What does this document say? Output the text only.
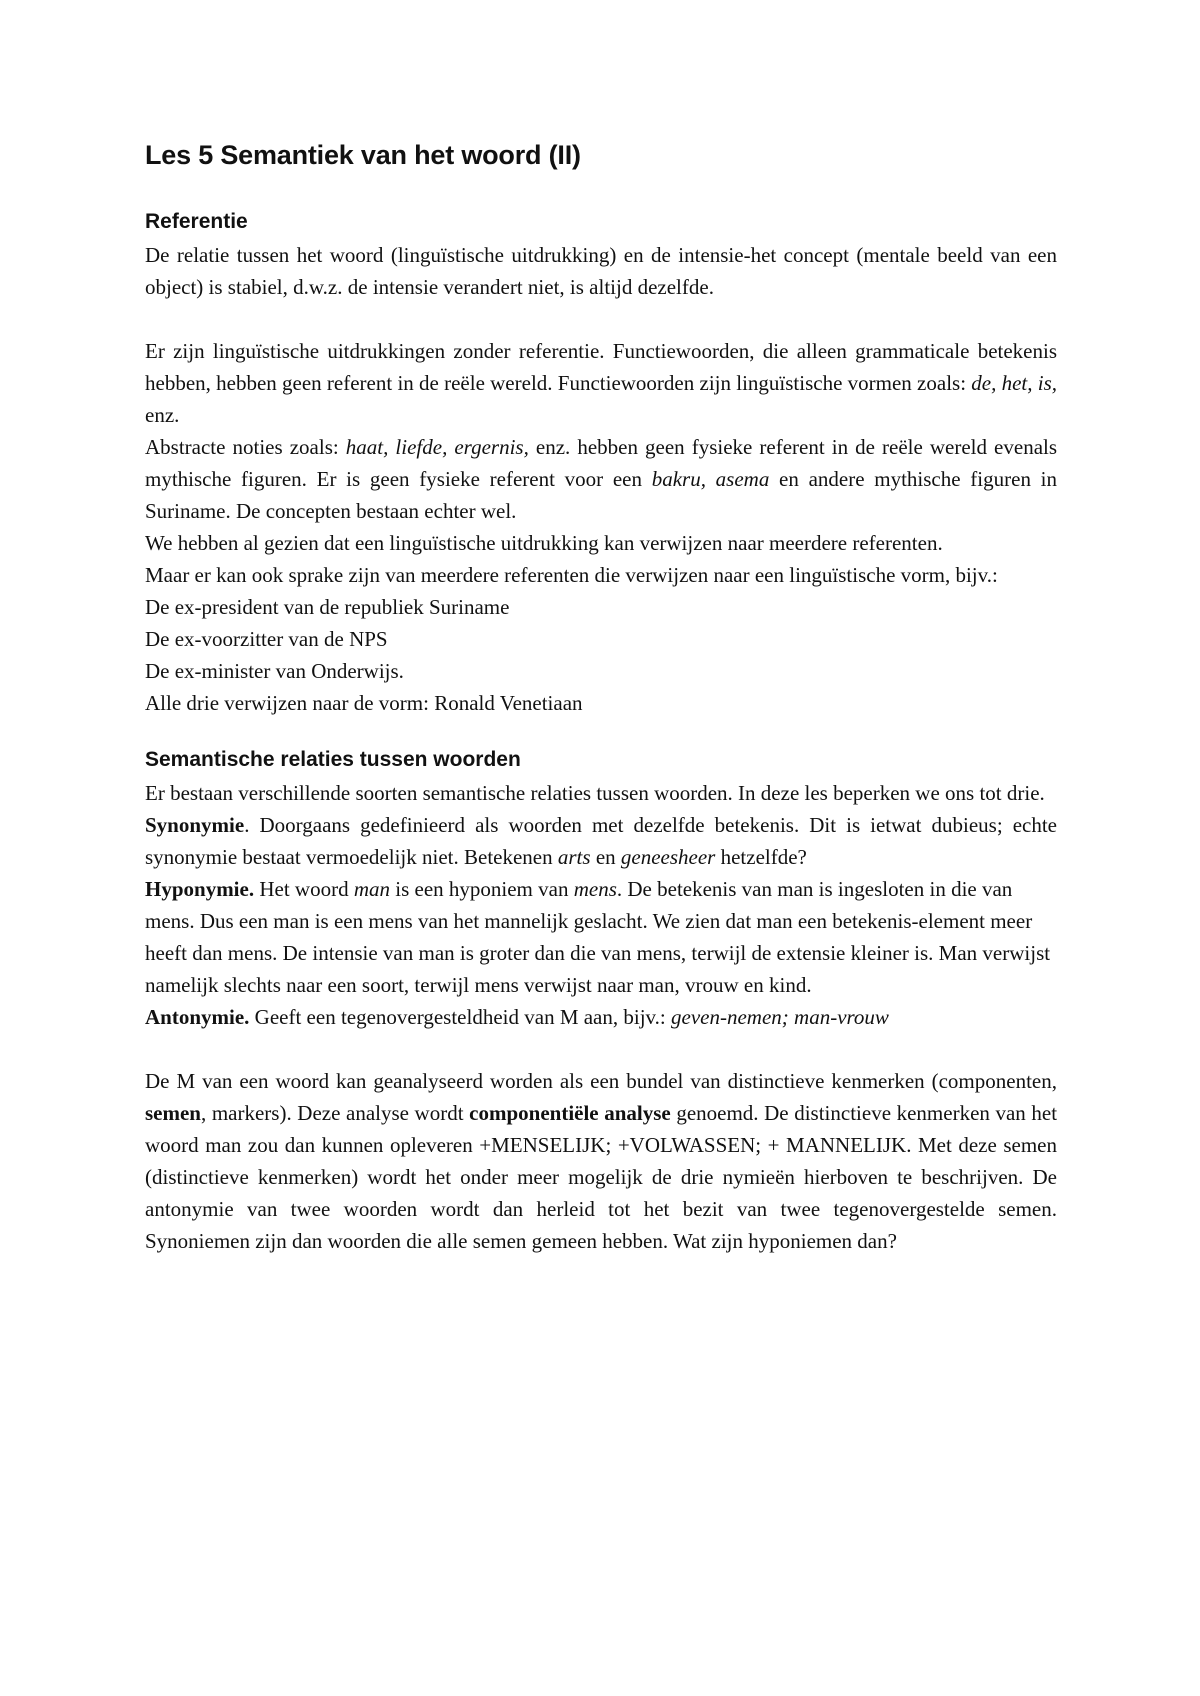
Les 5 Semantiek van het woord (II)
Referentie

De relatie tussen het woord (linguïstische uitdrukking) en de intensie-het concept (mentale beeld van een object) is stabiel, d.w.z. de intensie verandert niet, is altijd dezelfde.

Er zijn linguïstische uitdrukkingen zonder referentie. Functiewoorden, die alleen grammaticale betekenis hebben, hebben geen referent in de reële wereld. Functiewoorden zijn linguïstische vormen zoals: de, het, is, enz.

Abstracte noties zoals: haat, liefde, ergernis, enz. hebben geen fysieke referent in de reële wereld evenals mythische figuren. Er is geen fysieke referent voor een bakru, asema en andere mythische figuren in Suriname. De concepten bestaan echter wel.

We hebben al gezien dat een linguïstische uitdrukking kan verwijzen naar meerdere referenten.

Maar er kan ook sprake zijn van meerdere referenten die verwijzen naar een linguïstische vorm, bijv.:

De ex-president van de republiek Suriname

De ex-voorzitter van de NPS

De ex-minister van Onderwijs.

Alle drie verwijzen naar de vorm: Ronald Venetiaan

Semantische relaties tussen woorden

Er bestaan verschillende soorten semantische relaties tussen woorden. In deze les beperken we ons tot drie.

Synonymie. Doorgaans gedefinieerd als woorden met dezelfde betekenis. Dit is ietwat dubieus; echte synonymie bestaat vermoedelijk niet. Betekenen arts en geneesheer hetzelfde?

Hyponymie. Het woord man is een hyponiem van mens. De betekenis van man is ingesloten in die van mens. Dus een man is een mens van het mannelijk geslacht. We zien dat man een betekenis-element meer heeft dan mens. De intensie van man is groter dan die van mens, terwijl de extensie kleiner is. Man verwijst namelijk slechts naar een soort, terwijl mens verwijst naar man, vrouw en kind.

Antonymie. Geeft een tegenovergesteldheid van M aan, bijv.: geven-nemen; man-vrouw

De M van een woord kan geanalyseerd worden als een bundel van distinctieve kenmerken (componenten, semen, markers). Deze analyse wordt componentiële analyse genoemd. De distinctieve kenmerken van het woord man zou dan kunnen opleveren +MENSELIJK; +VOLWASSEN; + MANNELIJK. Met deze semen (distinctieve kenmerken) wordt het onder meer mogelijk de drie nymieën hierboven te beschrijven. De antonymie van twee woorden wordt dan herleid tot het bezit van twee tegenovergestelde semen. Synoniemen zijn dan woorden die alle semen gemeen hebben. Wat zijn hyponiemen dan?
